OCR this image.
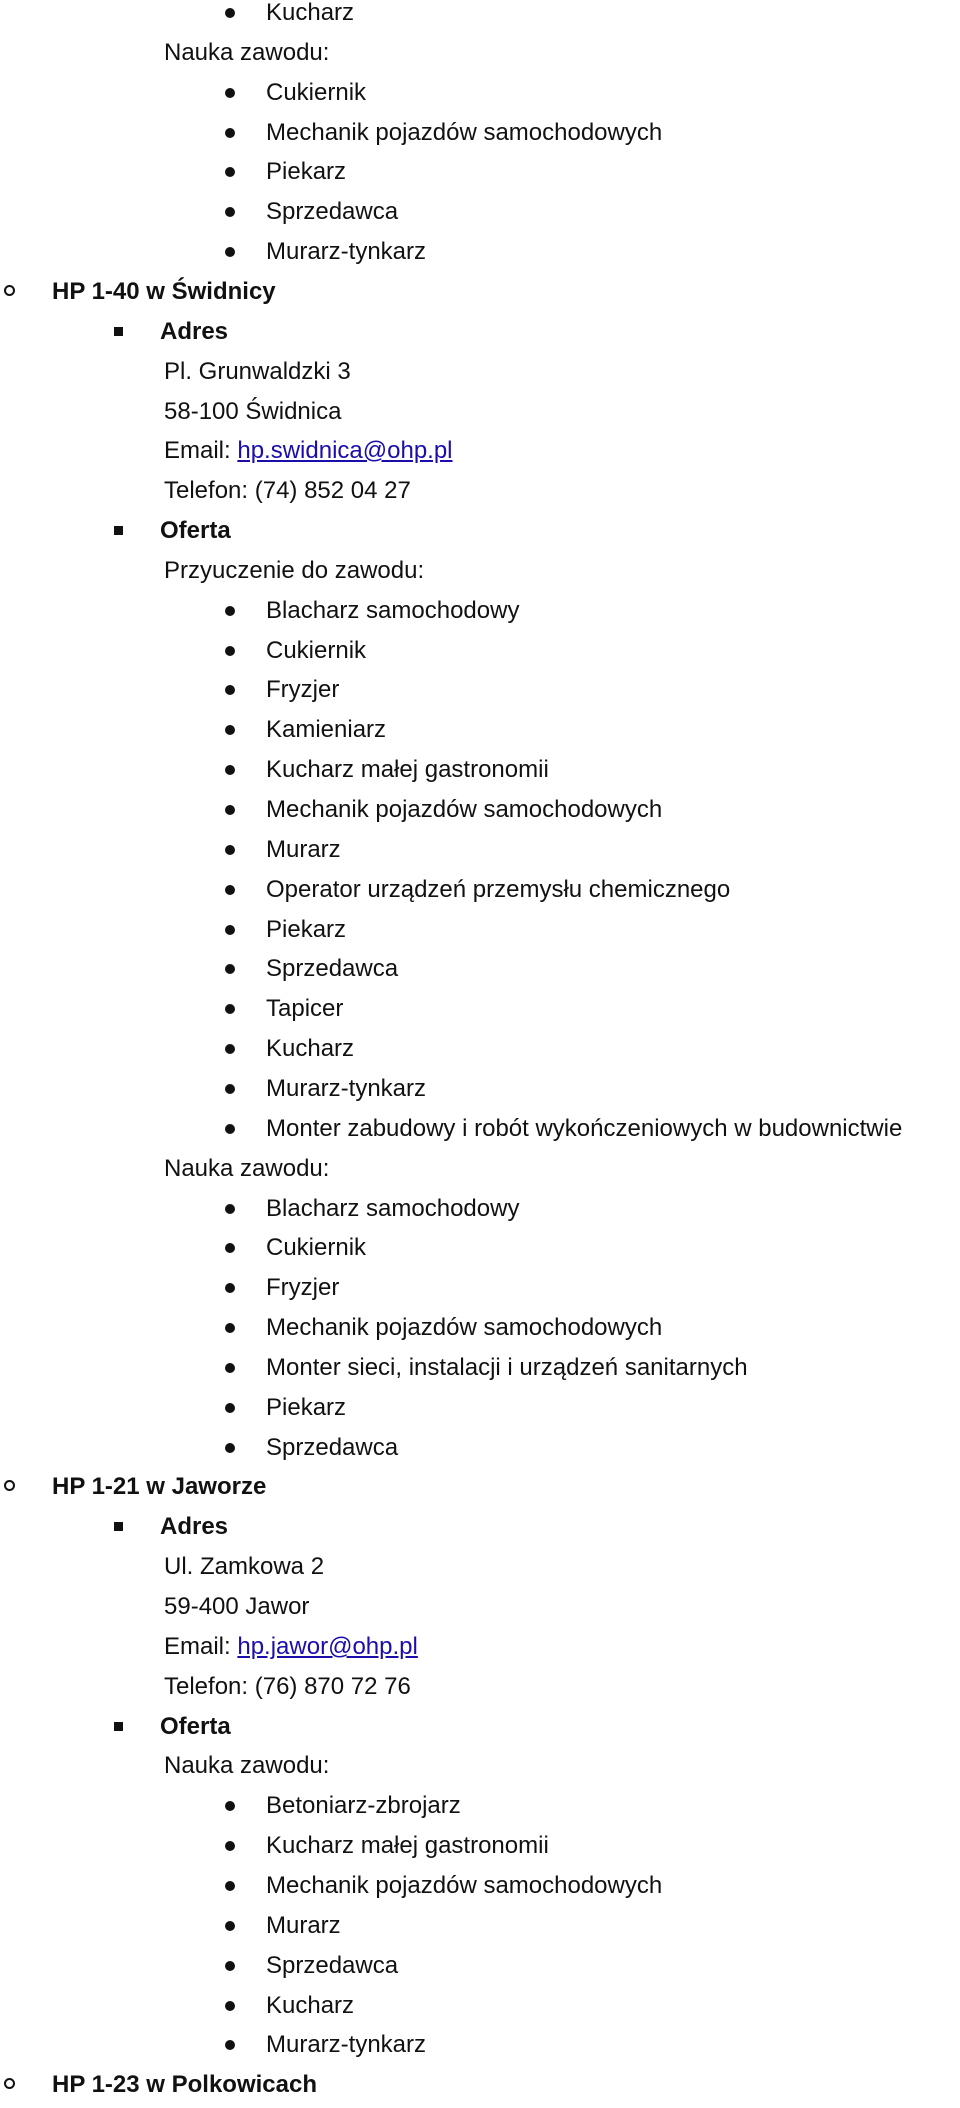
Kucharz
Nauka zawodu:
Cukiernik
Mechanik pojazdów samochodowych
Piekarz
Sprzedawca
Murarz-tynkarz
HP 1-40 w Świdnicy
Adres
Pl. Grunwaldzki 3
58-100 Świdnica
Email: hp.swidnica@ohp.pl
Telefon: (74) 852 04 27
Oferta
Przyuczenie do zawodu:
Blacharz samochodowy
Cukiernik
Fryzjer
Kamieniarz
Kucharz małej gastronomii
Mechanik pojazdów samochodowych
Murarz
Operator urządzeń przemysłu chemicznego
Piekarz
Sprzedawca
Tapicer
Kucharz
Murarz-tynkarz
Monter zabudowy i robót wykończeniowych w budownictwie
Nauka zawodu:
Blacharz samochodowy
Cukiernik
Fryzjer
Mechanik pojazdów samochodowych
Monter sieci, instalacji i urządzeń sanitarnych
Piekarz
Sprzedawca
HP 1-21 w Jaworze
Adres
Ul. Zamkowa 2
59-400 Jawor
Email: hp.jawor@ohp.pl
Telefon: (76) 870 72 76
Oferta
Nauka zawodu:
Betoniarz-zbrojarz
Kucharz małej gastronomii
Mechanik pojazdów samochodowych
Murarz
Sprzedawca
Kucharz
Murarz-tynkarz
HP 1-23 w Polkowicach
